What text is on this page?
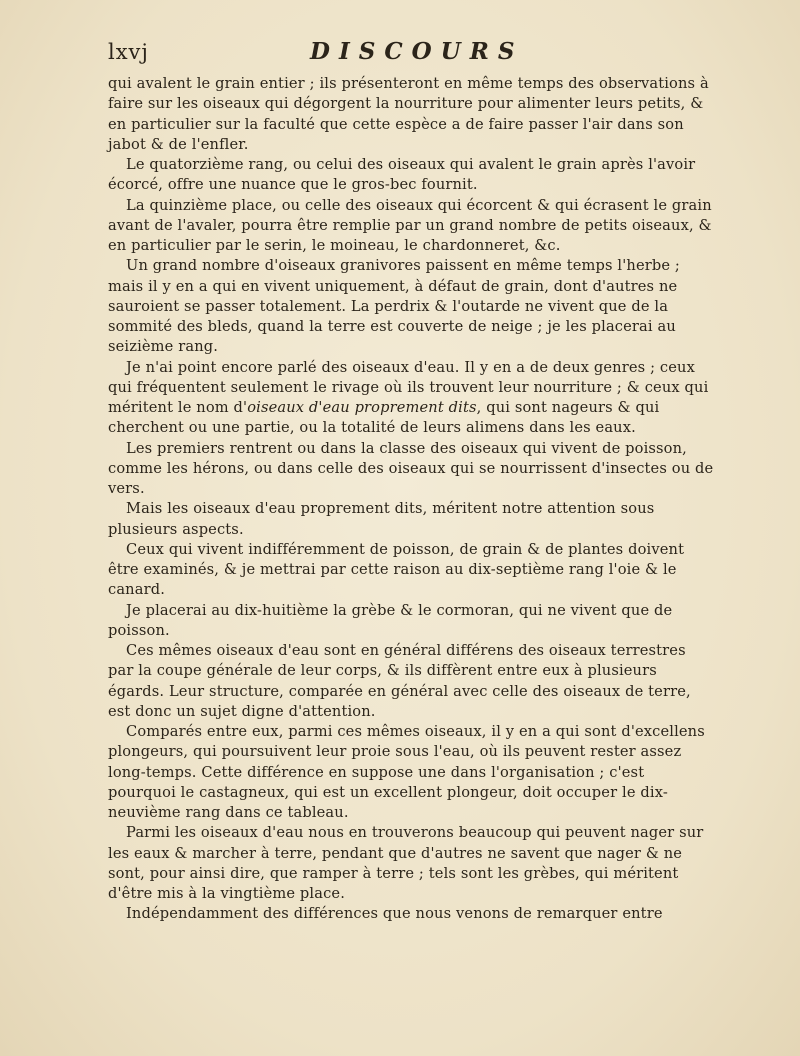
lxvj	DISCOURS

qui avalent le grain entier ; ils présenteront en même temps des observations à faire sur les oiseaux qui dégorgent la nourriture pour alimenter leurs petits, & en particulier sur la faculté que cette espèce a de faire passer l'air dans son jabot & de l'enfler.

Le quatorzième rang, ou celui des oiseaux qui avalent le grain après l'avoir écorcé, offre une nuance que le gros-bec fournit.

La quinzième place, ou celle des oiseaux qui écorcent & qui écrasent le grain avant de l'avaler, pourra être remplie par un grand nombre de petits oiseaux, & en particulier par le serin, le moineau, le chardonneret, &c.

Un grand nombre d'oiseaux granivores paissent en même temps l'herbe ; mais il y en a qui en vivent uniquement, à défaut de grain, dont d'autres ne sauroient se passer totalement. La perdrix & l'outarde ne vivent que de la sommité des bleds, quand la terre est couverte de neige ; je les placerai au seizième rang.

Je n'ai point encore parlé des oiseaux d'eau. Il y en a de deux genres ; ceux qui fréquentent seulement le rivage où ils trouvent leur nourriture ; & ceux qui méritent le nom d'oiseaux d'eau proprement dits, qui sont nageurs & qui cherchent ou une partie, ou la totalité de leurs alimens dans les eaux.

Les premiers rentrent ou dans la classe des oiseaux qui vivent de poisson, comme les hérons, ou dans celle des oiseaux qui se nourrissent d'insectes ou de vers.

Mais les oiseaux d'eau proprement dits, méritent notre attention sous plusieurs aspects.

Ceux qui vivent indifféremment de poisson, de grain & de plantes doivent être examinés, & je mettrai par cette raison au dix-septième rang l'oie & le canard.

Je placerai au dix-huitième la grèbe & le cormoran, qui ne vivent que de poisson.

Ces mêmes oiseaux d'eau sont en général différens des oiseaux terrestres par la coupe générale de leur corps, & ils diffèrent entre eux à plusieurs égards. Leur structure, comparée en général avec celle des oiseaux de terre, est donc un sujet digne d'attention.

Comparés entre eux, parmi ces mêmes oiseaux, il y en a qui sont d'excellens plongeurs, qui poursuivent leur proie sous l'eau, où ils peuvent rester assez long-temps. Cette différence en suppose une dans l'organisation ; c'est pourquoi le castagneux, qui est un excellent plongeur, doit occuper le dix-neuvième rang dans ce tableau.

Parmi les oiseaux d'eau nous en trouverons beaucoup qui peuvent nager sur les eaux & marcher à terre, pendant que d'autres ne savent que nager & ne sont, pour ainsi dire, que ramper à terre ; tels sont les grèbes, qui méritent d'être mis à la vingtième place.

Indépendamment des différences que nous venons de remarquer entre
